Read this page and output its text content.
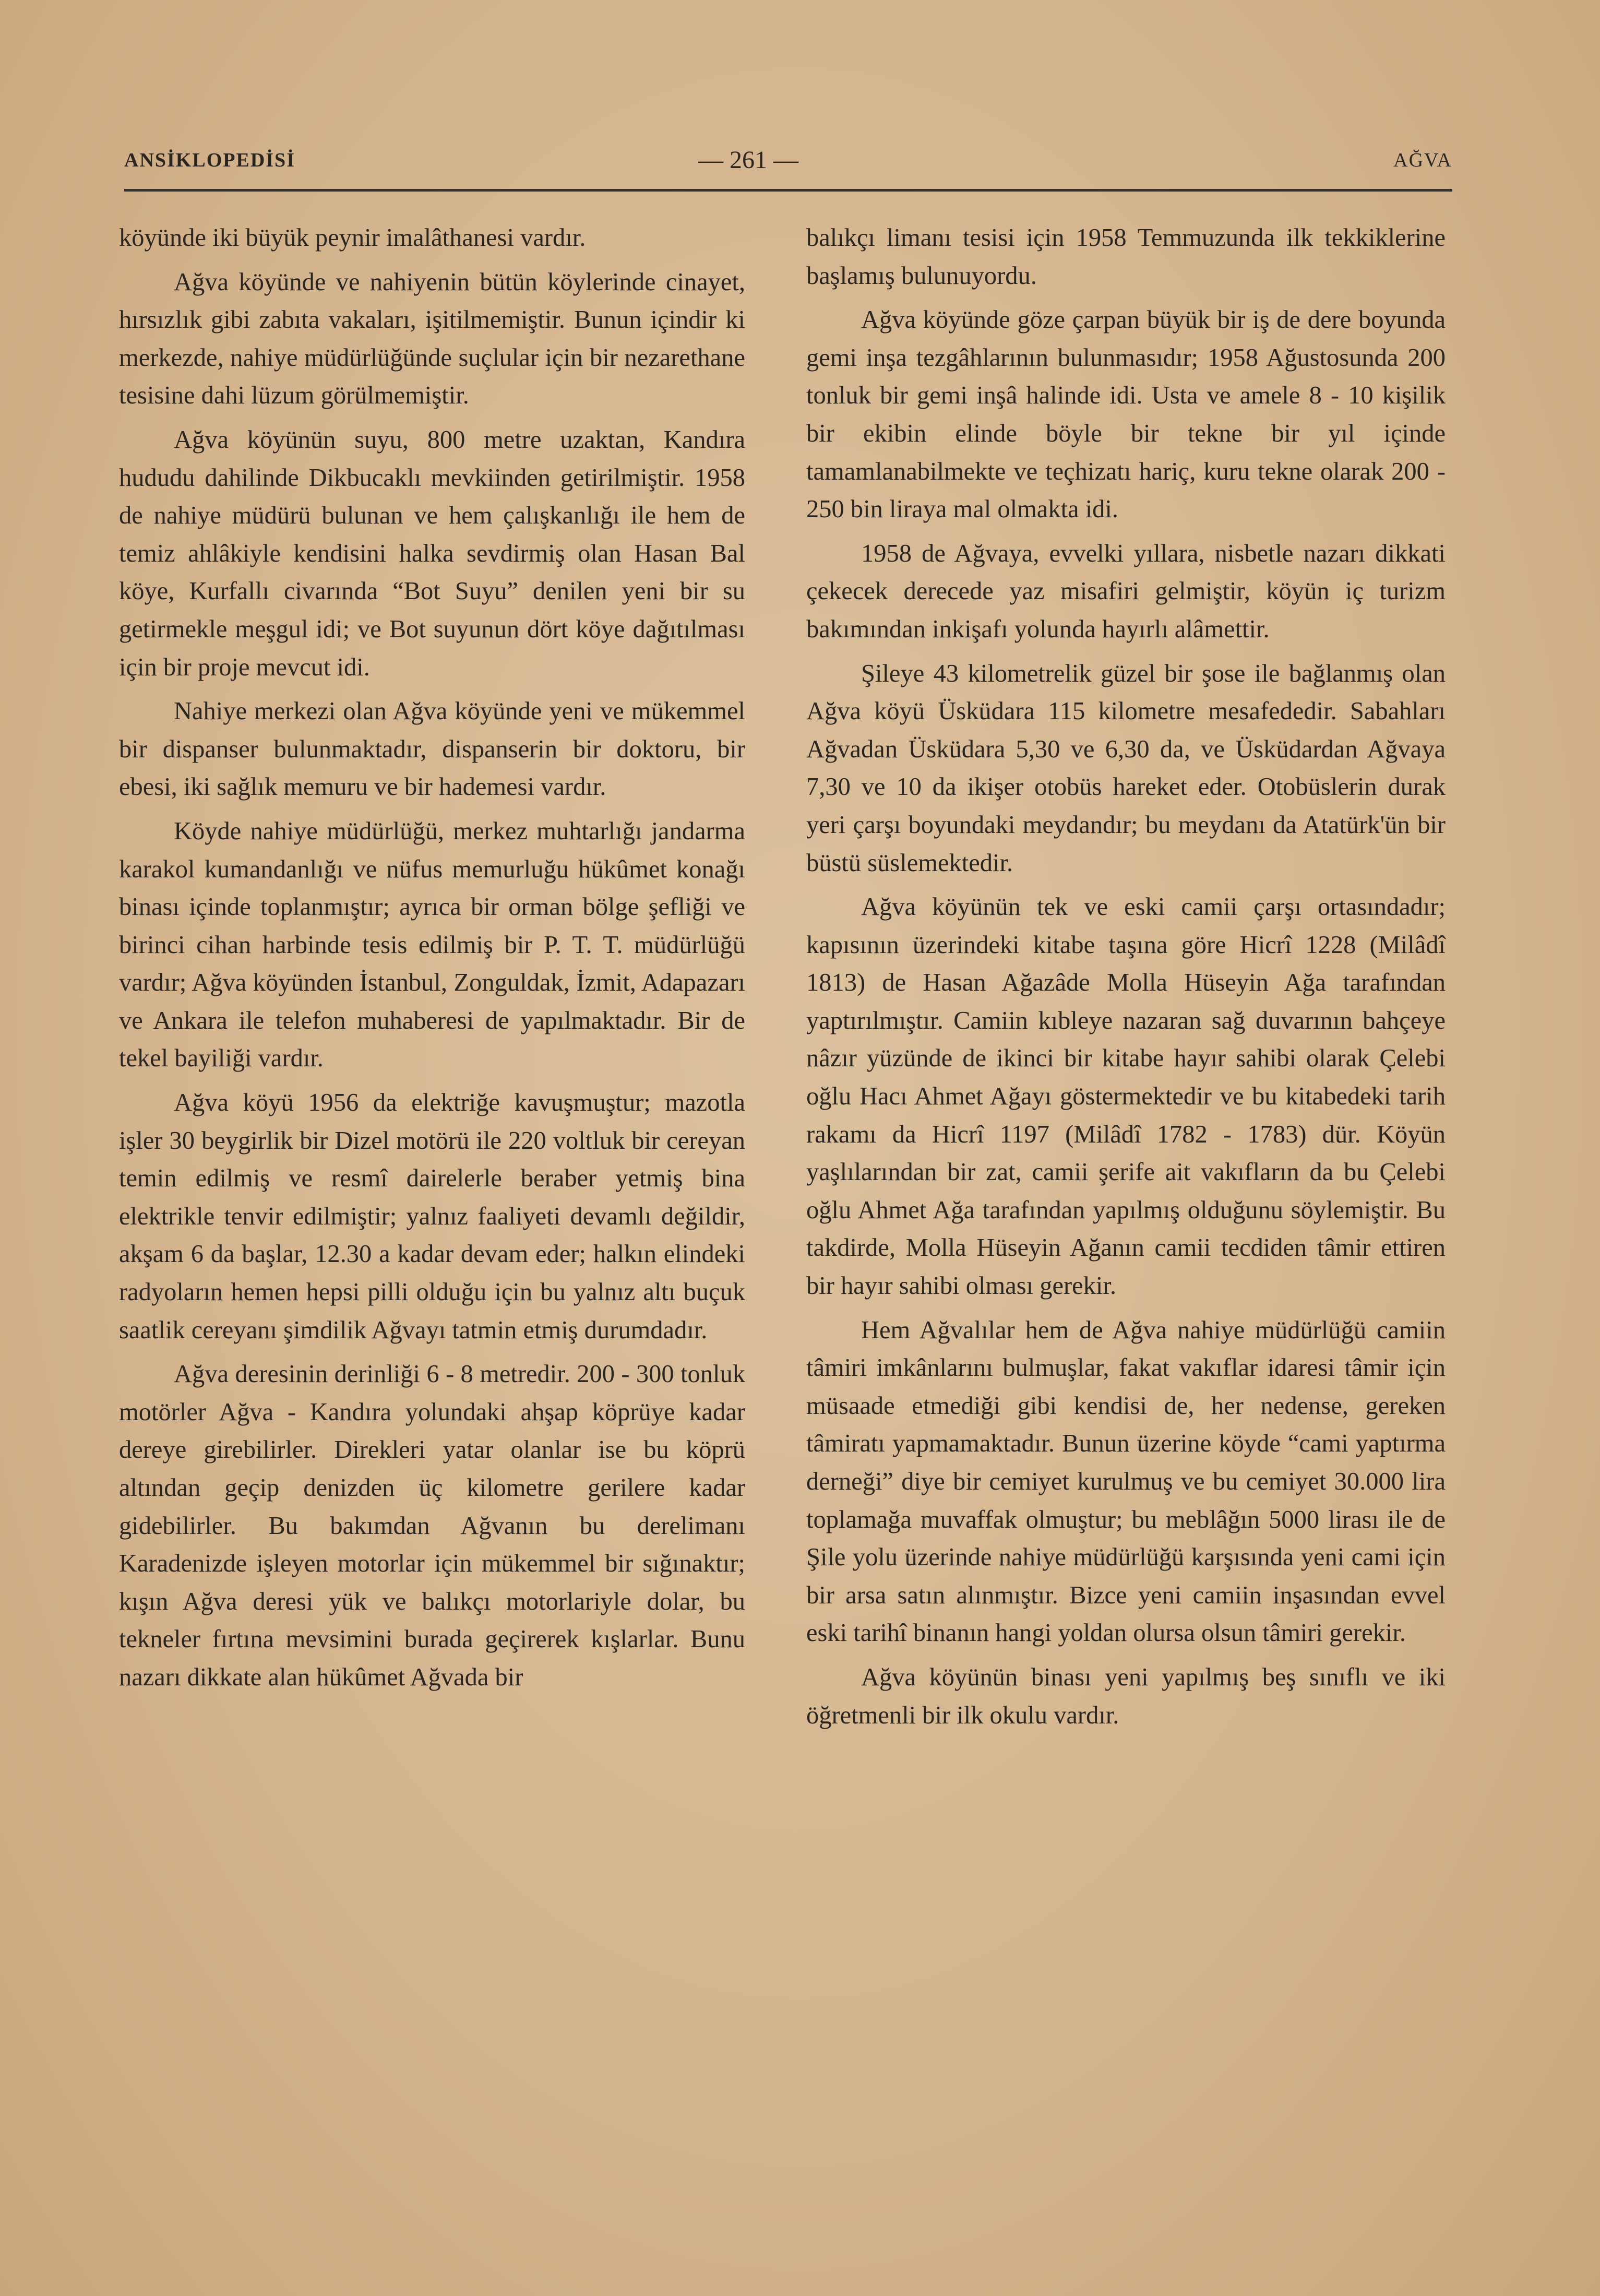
ANSİKLOPEDİSİ	— 261 —	AĞVA

köyünde iki büyük peynir imalâthanesi vardır.

Ağva köyünde ve nahiyenin bütün köylerinde cinayet, hırsızlık gibi zabıta vakaları, işitilmemiştir. Bunun içindir ki merkezde, nahiye müdürlüğünde suçlular için bir nezarethane tesisine dahi lüzum görülmemiştir.

Ağva köyünün suyu, 800 metre uzaktan, Kandıra hududu dahilinde Dikbucaklı mevkiinden getirilmiştir. 1958 de nahiye müdürü bulunan ve hem çalışkanlığı ile hem de temiz ahlâkiyle kendisini halka sevdirmiş olan Hasan Bal köye, Kurfallı civarında “Bot Suyu” denilen yeni bir su getirmekle meşgul idi; ve Bot suyunun dört köye dağıtılması için bir proje mevcut idi.

Nahiye merkezi olan Ağva köyünde yeni ve mükemmel bir dispanser bulunmaktadır, dispanserin bir doktoru, bir ebesi, iki sağlık memuru ve bir hademesi vardır.

Köyde nahiye müdürlüğü, merkez muhtarlığı jandarma karakol kumandanlığı ve nüfus memurluğu hükûmet konağı binası içinde toplanmıştır; ayrıca bir orman bölge şefliği ve birinci cihan harbinde tesis edilmiş bir P. T. T. müdürlüğü vardır; Ağva köyünden İstanbul, Zonguldak, İzmit, Adapazarı ve Ankara ile telefon muhaberesi de yapılmaktadır. Bir de tekel bayiliği vardır.

Ağva köyü 1956 da elektriğe kavuşmuştur; mazotla işler 30 beygirlik bir Dizel motörü ile 220 voltluk bir cereyan temin edilmiş ve resmî dairelerle beraber yetmiş bina elektrikle tenvir edilmiştir; yalnız faaliyeti devamlı değildir, akşam 6 da başlar, 12.30 a kadar devam eder; halkın elindeki radyoların hemen hepsi pilli olduğu için bu yalnız altı buçuk saatlik cereyanı şimdilik Ağvayı tatmin etmiş durumdadır.

Ağva deresinin derinliği 6 - 8 metredir. 200 - 300 tonluk motörler Ağva - Kandıra yolundaki ahşap köprüye kadar dereye girebilirler. Direkleri yatar olanlar ise bu köprü altından geçip denizden üç kilometre gerilere kadar gidebilirler. Bu bakımdan Ağvanın bu derelimanı Karadenizde işleyen motorlar için mükemmel bir sığınaktır; kışın Ağva deresi yük ve balıkçı motorlariyle dolar, bu tekneler fırtına mevsimini burada geçirerek kışlarlar. Bunu nazarı dikkate alan hükûmet Ağvada bir

balıkçı limanı tesisi için 1958 Temmuzunda ilk tekkiklerine başlamış bulunuyordu.

Ağva köyünde göze çarpan büyük bir iş de dere boyunda gemi inşa tezgâhlarının bulunmasıdır; 1958 Ağustosunda 200 tonluk bir gemi inşâ halinde idi. Usta ve amele 8 - 10 kişilik bir ekibin elinde böyle bir tekne bir yıl içinde tamamlanabilmekte ve teçhizatı hariç, kuru tekne olarak 200 - 250 bin liraya mal olmakta idi.

1958 de Ağvaya, evvelki yıllara, nisbetle nazarı dikkati çekecek derecede yaz misafiri gelmiştir, köyün iç turizm bakımından inkişafı yolunda hayırlı alâmettir.

Şileye 43 kilometrelik güzel bir şose ile bağlanmış olan Ağva köyü Üsküdara 115 kilometre mesafededir. Sabahları Ağvadan Üsküdara 5,30 ve 6,30 da, ve Üsküdardan Ağvaya 7,30 ve 10 da ikişer otobüs hareket eder. Otobüslerin durak yeri çarşı boyundaki meydandır; bu meydanı da Atatürk'ün bir büstü süslemektedir.

Ağva köyünün tek ve eski camii çarşı ortasındadır; kapısının üzerindeki kitabe taşına göre Hicrî 1228 (Milâdî 1813) de Hasan Ağazâde Molla Hüseyin Ağa tarafından yaptırılmıştır. Camiin kıbleye nazaran sağ duvarının bahçeye nâzır yüzünde de ikinci bir kitabe hayır sahibi olarak Çelebi oğlu Hacı Ahmet Ağayı göstermektedir ve bu kitabedeki tarih rakamı da Hicrî 1197 (Milâdî 1782 - 1783) dür. Köyün yaşlılarından bir zat, camii şerife ait vakıfların da bu Çelebi oğlu Ahmet Ağa tarafından yapılmış olduğunu söylemiştir. Bu takdirde, Molla Hüseyin Ağanın camii tecdiden tâmir ettiren bir hayır sahibi olması gerekir.

Hem Ağvalılar hem de Ağva nahiye müdürlüğü camiin tâmiri imkânlarını bulmuşlar, fakat vakıflar idaresi tâmir için müsaade etmediği gibi kendisi de, her nedense, gereken tâmiratı yapmamaktadır. Bunun üzerine köyde “cami yaptırma derneği” diye bir cemiyet kurulmuş ve bu cemiyet 30.000 lira toplamağa muvaffak olmuştur; bu meblâğın 5000 lirası ile de Şile yolu üzerinde nahiye müdürlüğü karşısında yeni cami için bir arsa satın alınmıştır. Bizce yeni camiin inşasından evvel eski tarihî binanın hangi yoldan olursa olsun tâmiri gerekir.

Ağva köyünün binası yeni yapılmış beş sınıflı ve iki öğretmenli bir ilk okulu vardır.
